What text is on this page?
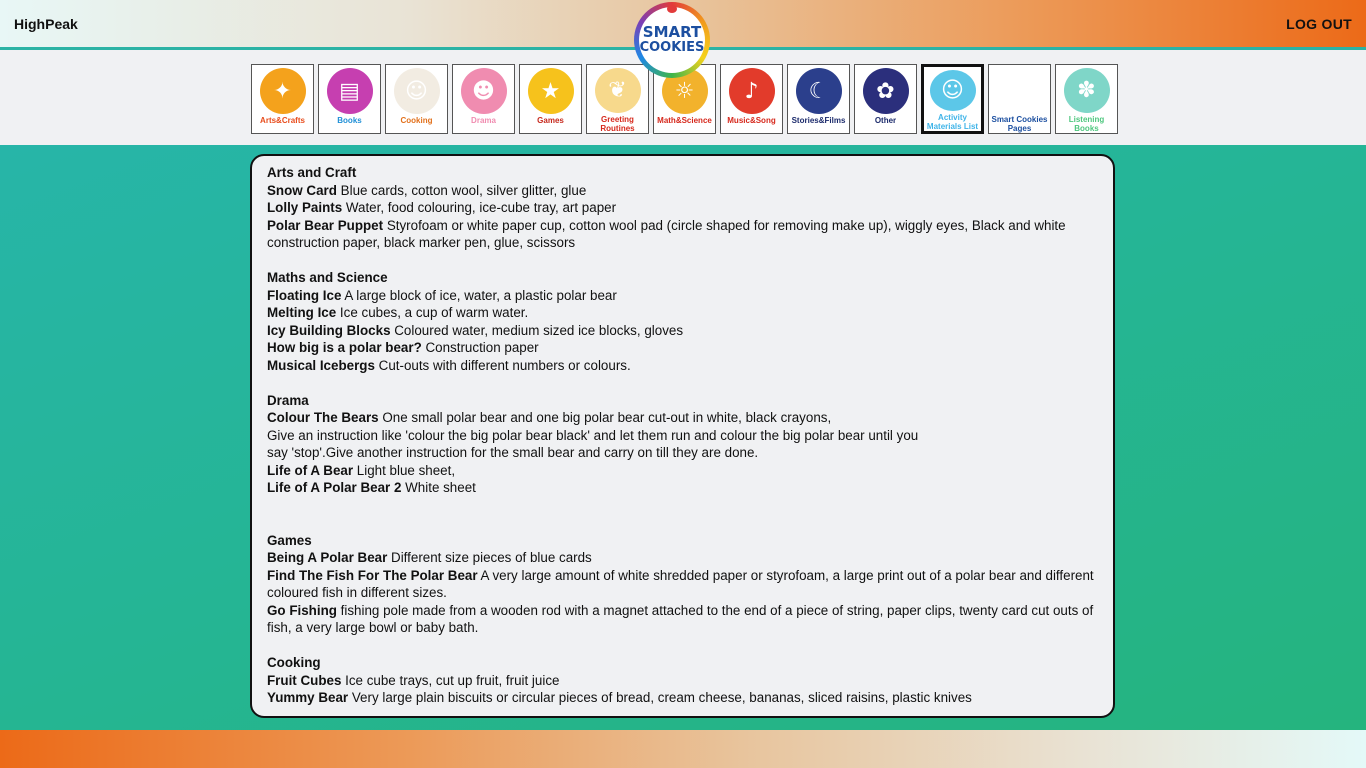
HighPeak	LOG OUT
SMART
COOKIES
✦
Arts&Crafts
▤
Books
☺
Cooking
☻
Drama
★
Games
❦
Greeting Routines
☼
Math&Science
♪
Music&Song
☾
Stories&Films
✿
Other
☺
Activity Materials List
❀
Smart Cookies Pages
✽
Listening Books
Arts and Craft
Snow Card Blue cards, cotton wool, silver glitter, glue
Lolly Paints Water, food colouring, ice-cube tray, art paper
Polar Bear Puppet Styrofoam or white paper cup, cotton wool pad (circle shaped for removing make up), wiggly eyes, Black and white construction paper, black marker pen, glue, scissors
Maths and Science
Floating Ice A large block of ice, water, a plastic polar bear
Melting Ice Ice cubes, a cup of warm water.
Icy Building Blocks Coloured water, medium sized ice blocks, gloves
How big is a polar bear? Construction paper
Musical Icebergs Cut-outs with different numbers or colours.
Drama
Colour The Bears One small polar bear and one big polar bear cut-out in white, black crayons,
Give an instruction like 'colour the big polar bear black' and let them run and colour the big polar bear until you
say 'stop'.Give another instruction for the small bear and carry on till they are done.
Life of A Bear Light blue sheet,
Life of A Polar Bear 2 White sheet
Games
Being A Polar Bear Different size pieces of blue cards
Find The Fish For The Polar Bear A very large amount of white shredded paper or styrofoam, a large print out of a polar bear and different coloured fish in different sizes.
Go Fishing fishing pole made from a wooden rod with a magnet attached to the end of a piece of string, paper clips, twenty card cut outs of fish, a very large bowl or baby bath.
Cooking
Fruit Cubes Ice cube trays, cut up fruit, fruit juice
Yummy Bear Very large plain biscuits or circular pieces of bread, cream cheese, bananas, sliced raisins, plastic knives
